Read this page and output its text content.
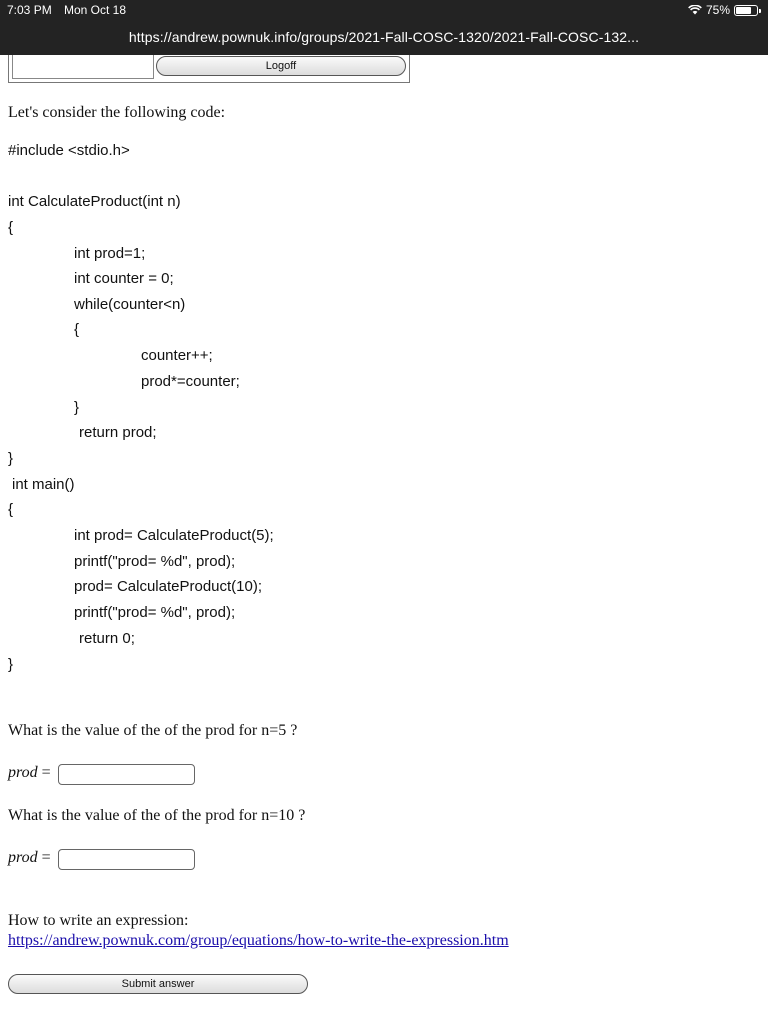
7:03 PM Mon Oct 18	75%
https://andrew.pownuk.info/groups/2021-Fall-COSC-1320/2021-Fall-COSC-132...
Logoff
Let's consider the following code:
#include <stdio.h>
int CalculateProduct(int n)
{
int prod=1;
int counter = 0;
while(counter<n)
{
counter++;
prod*=counter;
}
return prod;
}
int main()
{
int prod= CalculateProduct(5);
printf("prod= %d", prod);
prod= CalculateProduct(10);
printf("prod= %d", prod);
return 0;
}
What is the value of the of the prod for n=5 ?
prod =
What is the value of the of the prod for n=10 ?
prod =
How to write an expression:
https://andrew.pownuk.com/group/equations/how-to-write-the-expression.htm
Submit answer
